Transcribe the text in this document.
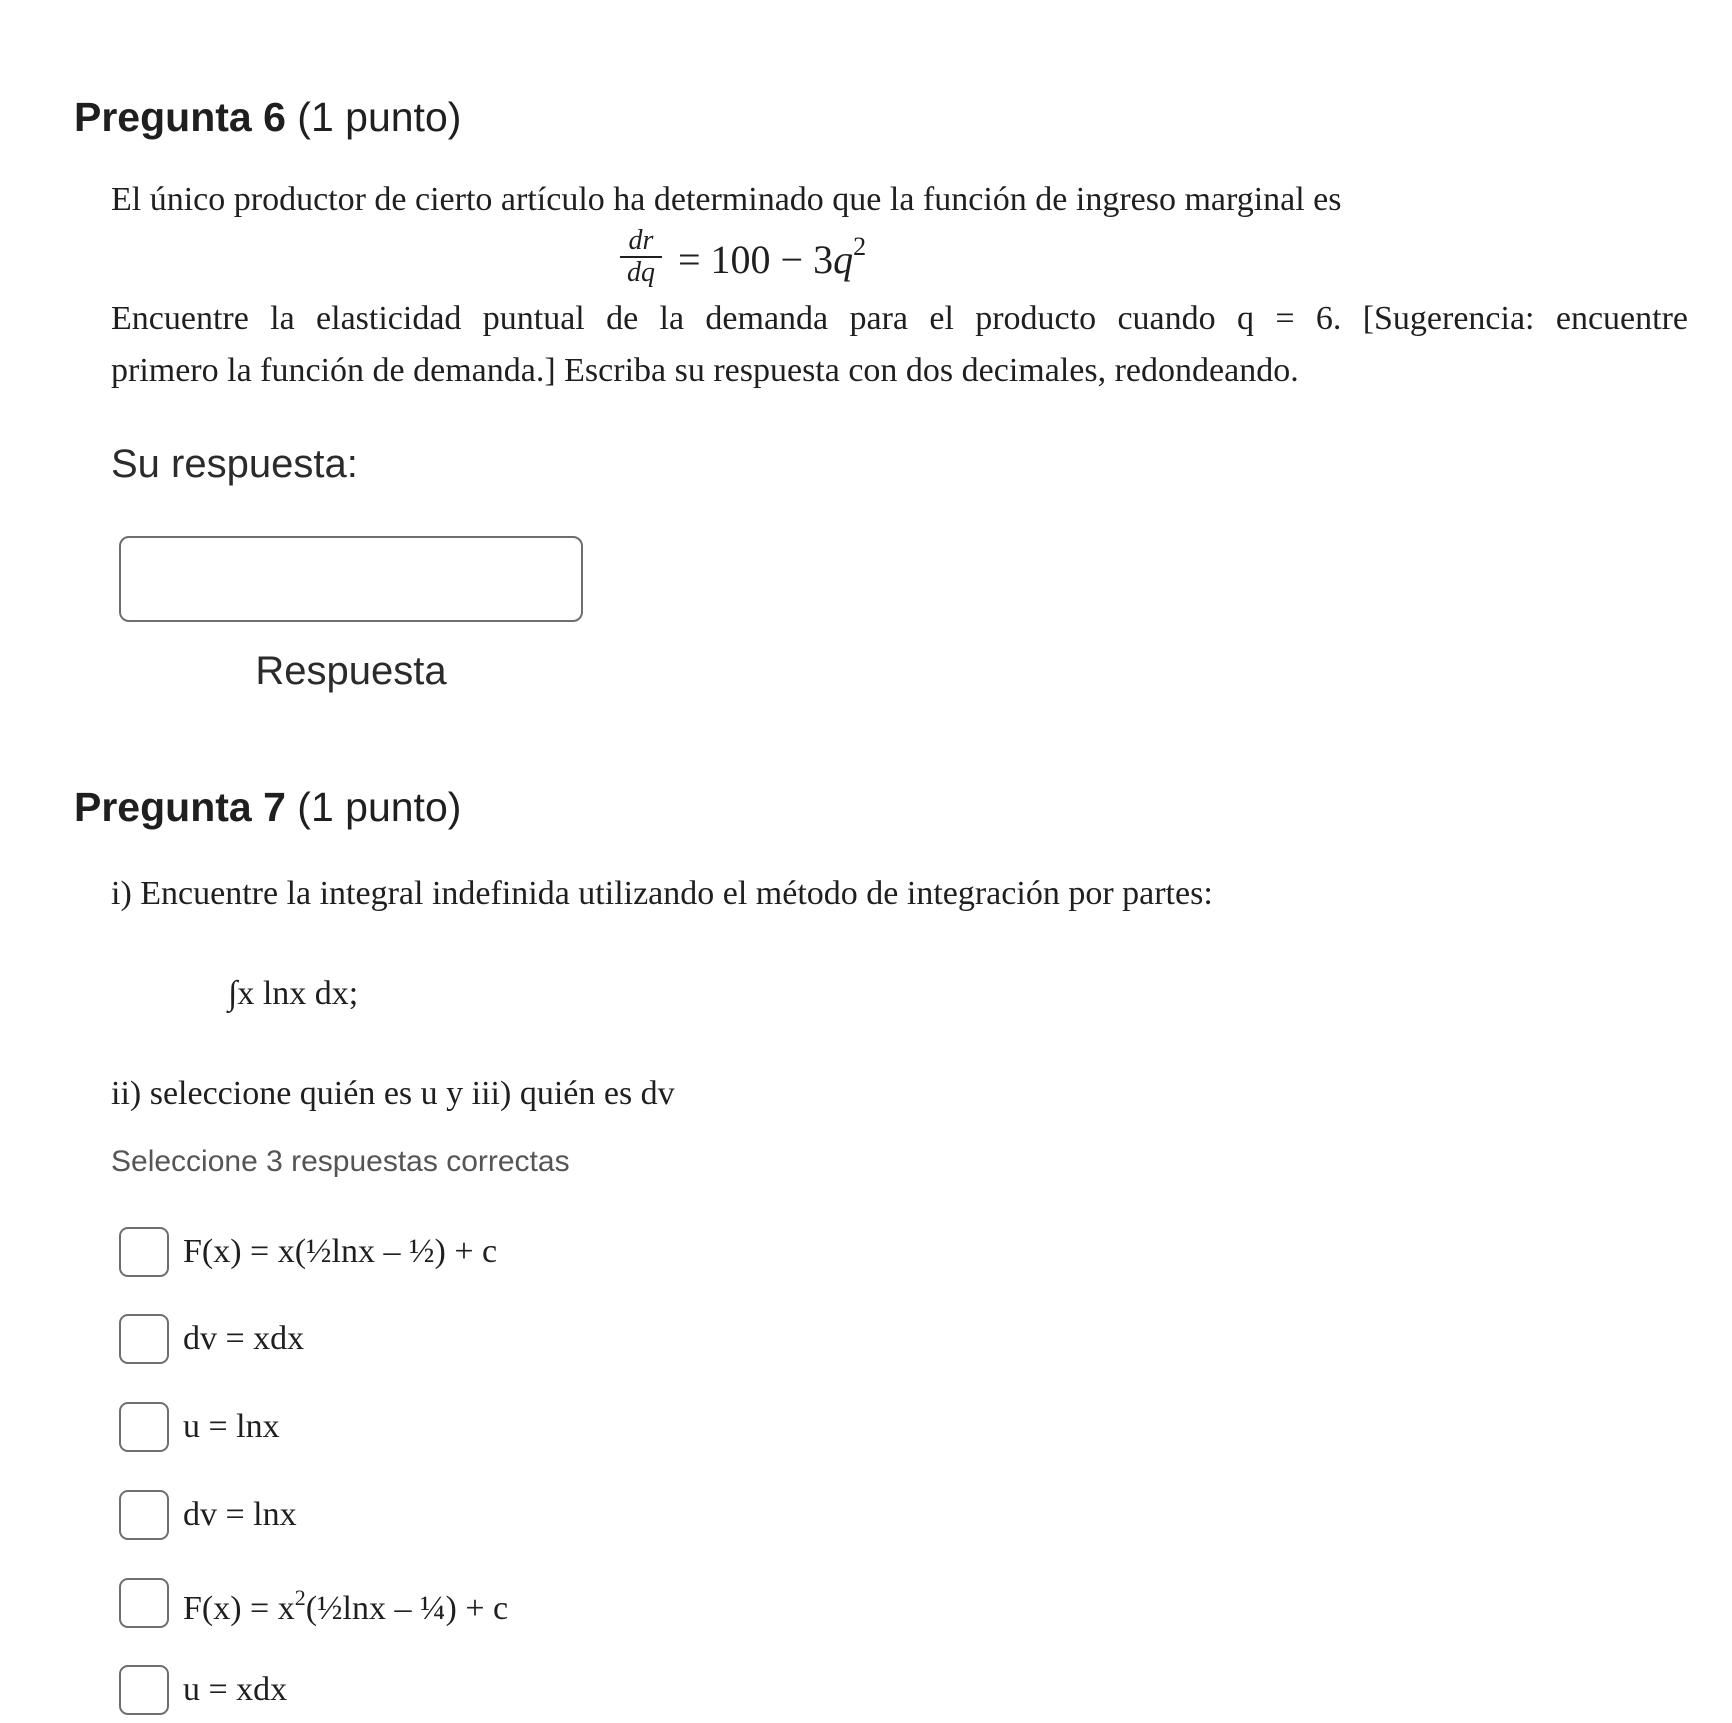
Pregunta 6 (1 punto)
El único productor de cierto artículo ha determinado que la función de ingreso marginal es
$\frac{dr}{dq} = 100 - 3q^2$
Encuentre la elasticidad puntual de la demanda para el producto cuando q = 6. [Sugerencia: encuentre
primero la función de demanda.] Escriba su respuesta con dos decimales, redondeando.
Su respuesta:
Respuesta
Pregunta 7 (1 punto)
i) Encuentre la integral indefinida utilizando el método de integración por partes:
∫x lnx dx;
ii) seleccione quién es u y iii) quién es dv
Seleccione 3 respuestas correctas
F(x) = x(½lnx – ½) + c
dv = xdx
u = lnx
dv = lnx
$F(x) = x^2(\frac{1}{2}\ln x$ – ¼) + c
u = xdx
